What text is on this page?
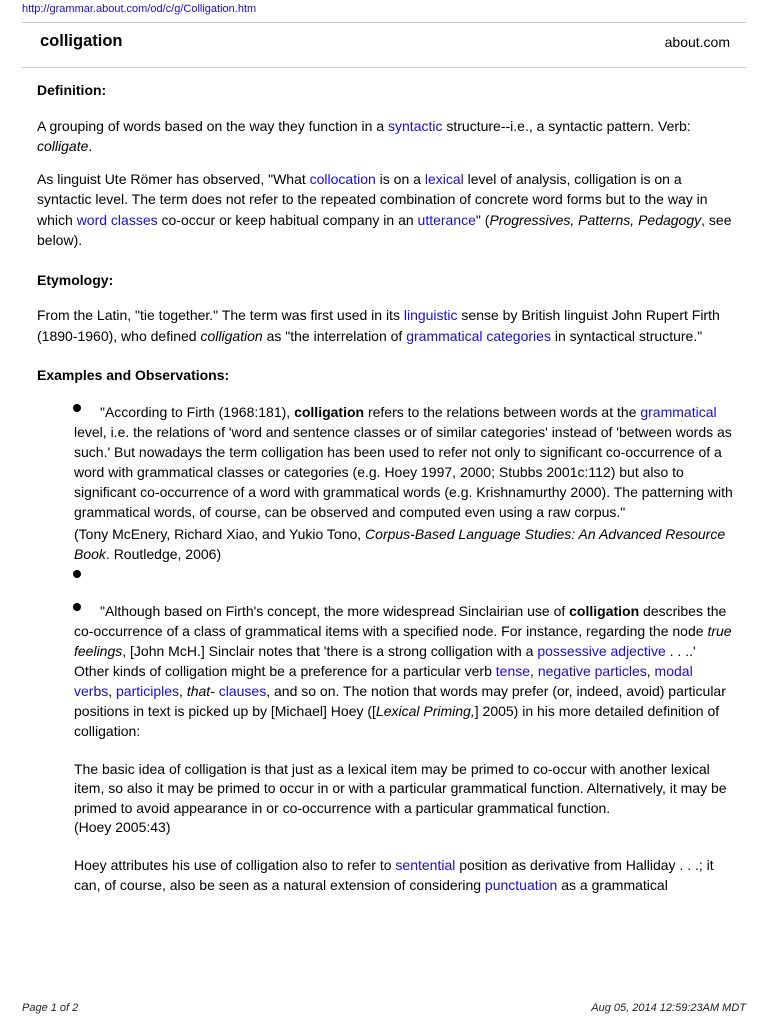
http://grammar.about.com/od/c/g/Colligation.htm
colligation	about.com
Definition:

A grouping of words based on the way they function in a syntactic structure--i.e., a syntactic pattern. Verb: colligate.

As linguist Ute Römer has observed, "What collocation is on a lexical level of analysis, colligation is on a syntactic level. The term does not refer to the repeated combination of concrete word forms but to the way in which word classes co-occur or keep habitual company in an utterance" (Progressives, Patterns, Pedagogy, see below).

Etymology:

From the Latin, "tie together." The term was first used in its linguistic sense by British linguist John Rupert Firth (1890-1960), who defined colligation as "the interrelation of grammatical categories in syntactical structure."

Examples and Observations:

"According to Firth (1968:181), colligation refers to the relations between words at the grammatical level, i.e. the relations of 'word and sentence classes or of similar categories' instead of 'between words as such.' But nowadays the term colligation has been used to refer not only to significant co-occurrence of a word with grammatical classes or categories (e.g. Hoey 1997, 2000; Stubbs 2001c:112) but also to significant co-occurrence of a word with grammatical words (e.g. Krishnamurthy 2000). The patterning with grammatical words, of course, can be observed and computed even using a raw corpus."

(Tony McEnery, Richard Xiao, and Yukio Tono, Corpus-Based Language Studies: An Advanced Resource Book. Routledge, 2006)

"Although based on Firth's concept, the more widespread Sinclairian use of colligation describes the co-occurrence of a class of grammatical items with a specified node. For instance, regarding the node true feelings, [John McH.] Sinclair notes that 'there is a strong colligation with a possessive adjective . . ..' Other kinds of colligation might be a preference for a particular verb tense, negative particles, modal verbs, participles, that- clauses, and so on. The notion that words may prefer (or, indeed, avoid) particular positions in text is picked up by [Michael] Hoey ([Lexical Priming,] 2005) in his more detailed definition of colligation:

The basic idea of colligation is that just as a lexical item may be primed to co-occur with another lexical item, so also it may be primed to occur in or with a particular grammatical function. Alternatively, it may be primed to avoid appearance in or co-occurrence with a particular grammatical function.

(Hoey 2005:43)

Hoey attributes his use of colligation also to refer to sentential position as derivative from Halliday . . .; it can, of course, also be seen as a natural extension of considering punctuation as a grammatical

Page 1 of 2	Aug 05, 2014 12:59:23AM MDT
